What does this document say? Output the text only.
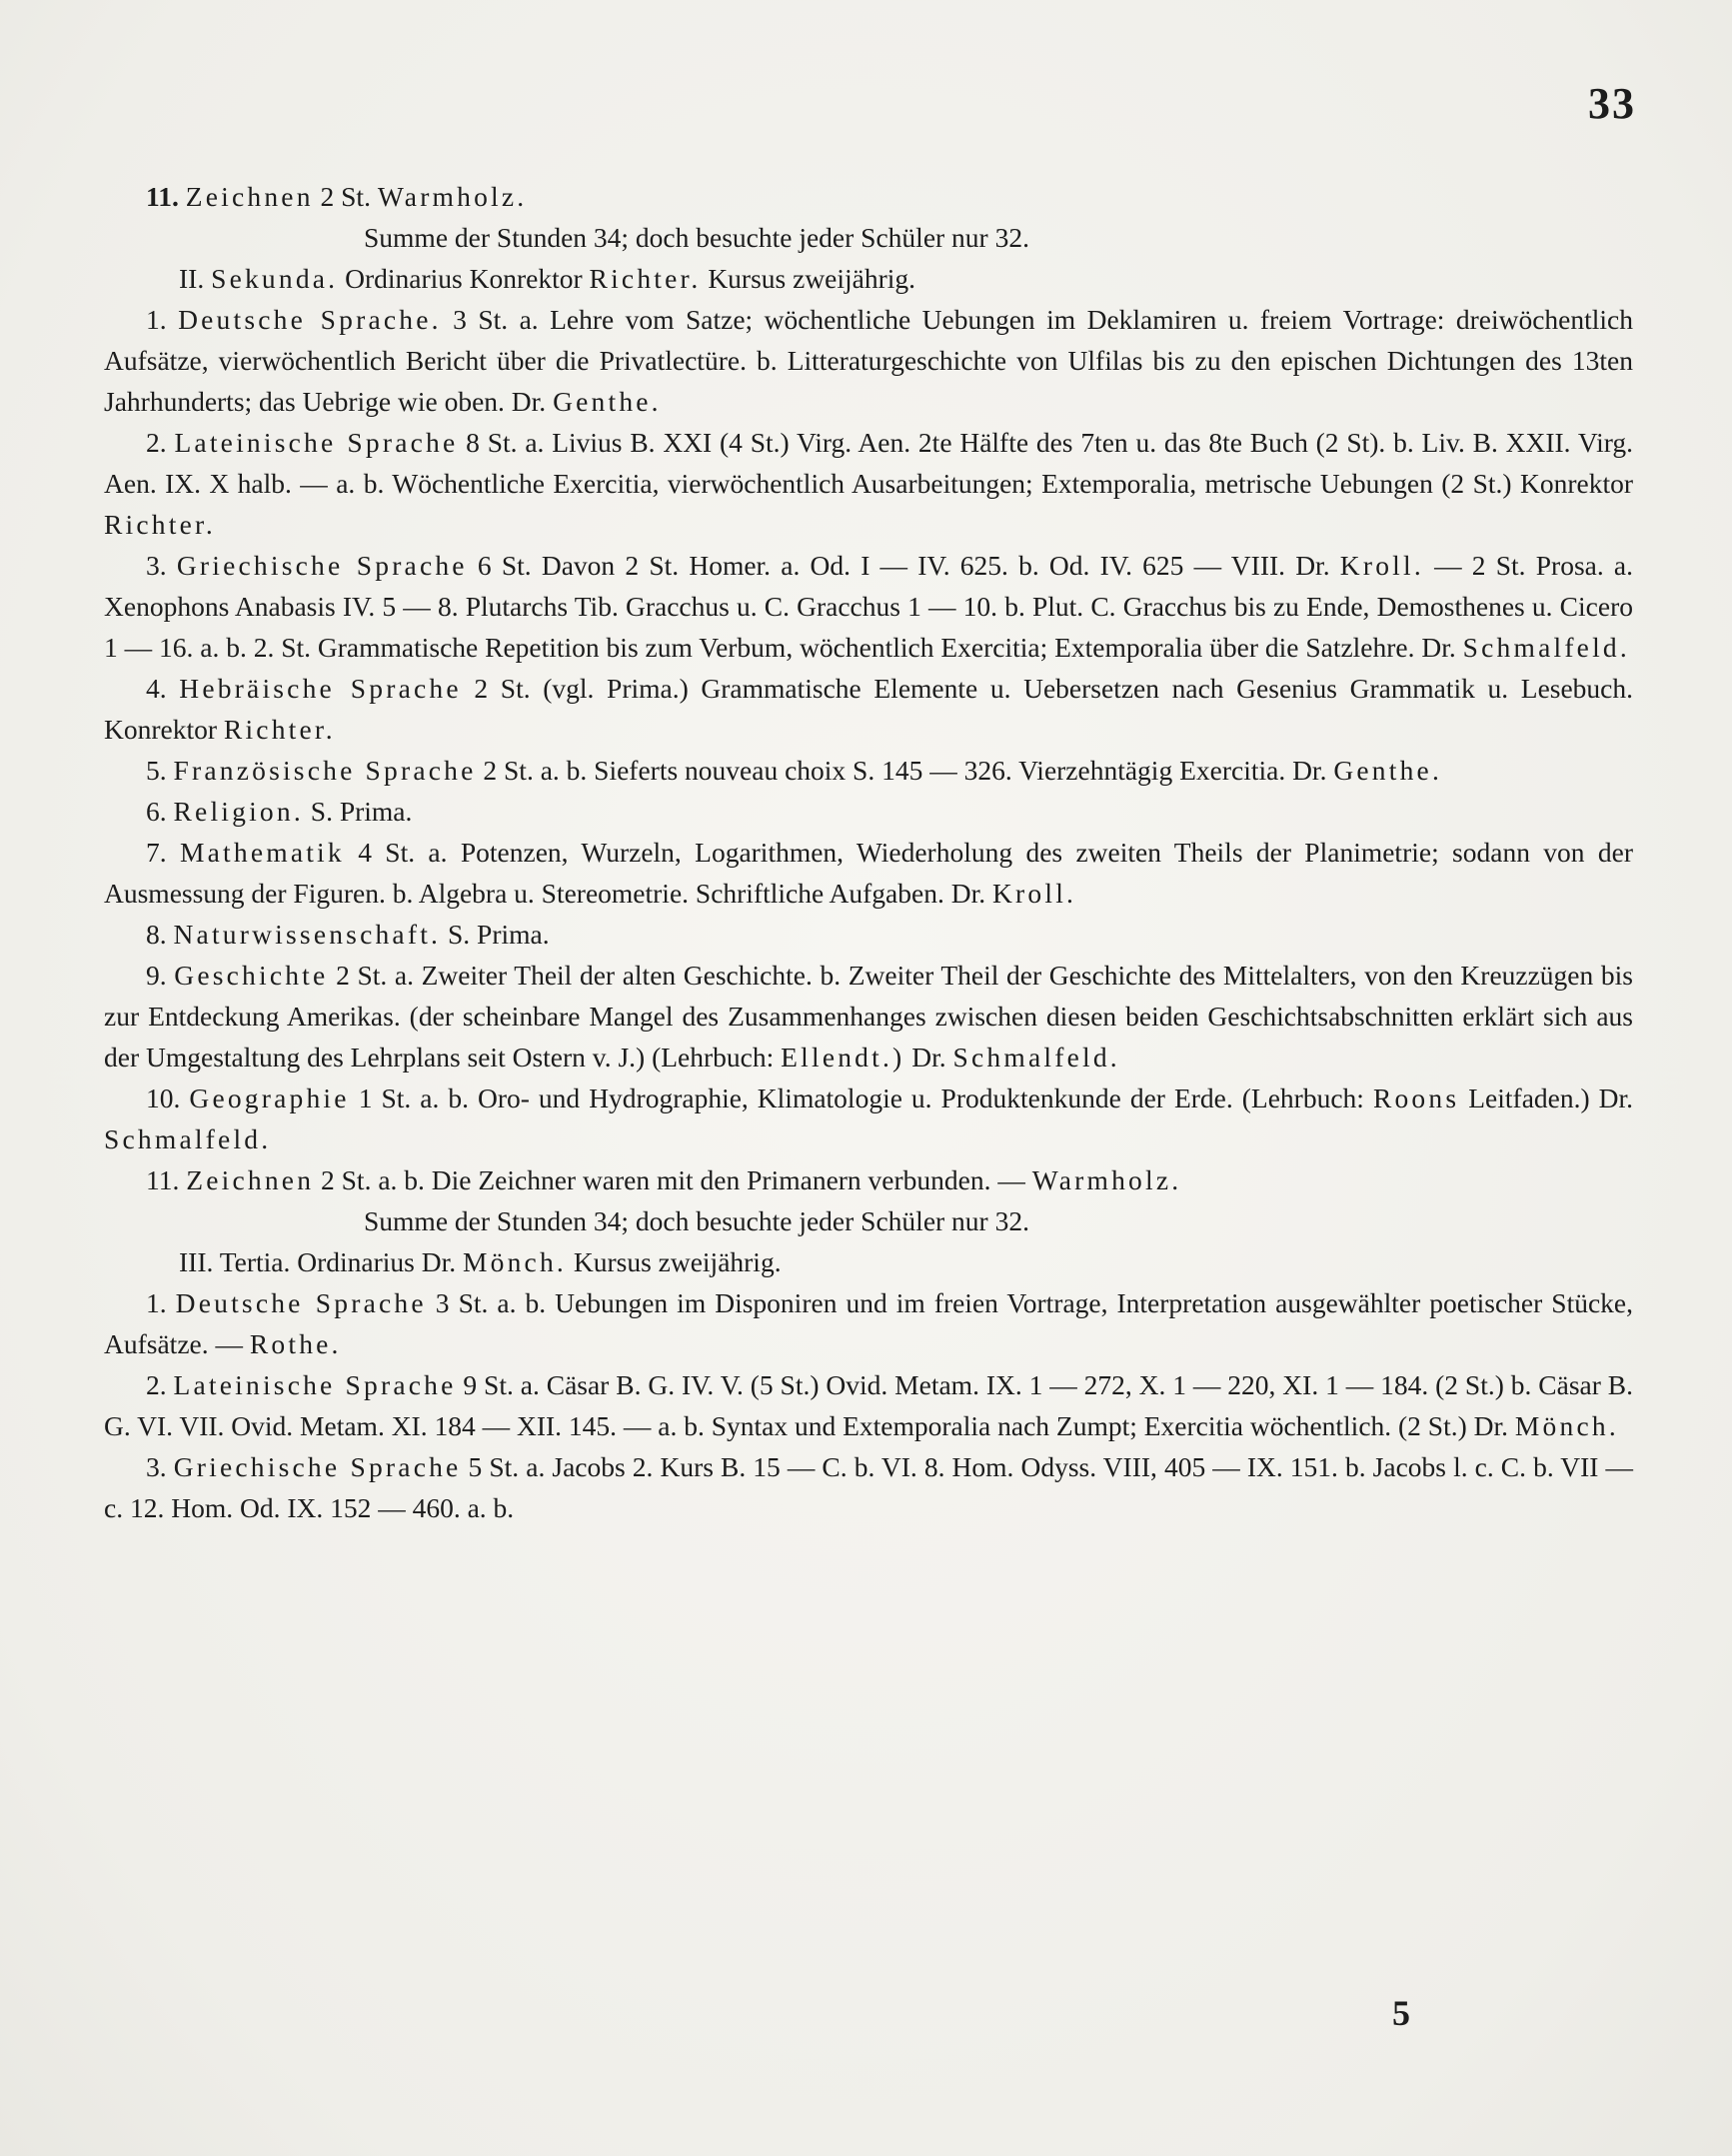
33

11. Zeichnen 2 St. Warmholz.

Summe der Stunden 34; doch besuchte jeder Schüler nur 32.

II. Sekunda. Ordinarius Konrektor Richter. Kursus zweijährig.

1. Deutsche Sprache. 3 St. a. Lehre vom Satze; wöchentliche Uebungen im Deklamiren u. freiem Vortrage: dreiwöchentlich Aufsätze, vierwöchentlich Bericht über die Privatlectüre. b. Litteraturgeschichte von Ulfilas bis zu den epischen Dichtungen des 13ten Jahrhunderts; das Uebrige wie oben. Dr. Genthe.

2. Lateinische Sprache 8 St. a. Livius B. XXI (4 St.) Virg. Aen. 2te Hälfte des 7ten u. das 8te Buch (2 St). b. Liv. B. XXII. Virg. Aen. IX. X halb. — a. b. Wöchentliche Exercitia, vierwöchentlich Ausarbeitungen; Extemporalia, metrische Uebungen (2 St.) Konrektor Richter.

3. Griechische Sprache 6 St. Davon 2 St. Homer. a. Od. I — IV. 625. b. Od. IV. 625 — VIII. Dr. Kroll. — 2 St. Prosa. a. Xenophons Anabasis IV. 5 — 8. Plutarchs Tib. Gracchus u. C. Gracchus 1 — 10. b. Plut. C. Gracchus bis zu Ende, Demosthenes u. Cicero 1 — 16. a. b. 2. St. Grammatische Repetition bis zum Verbum, wöchentlich Exercitia; Extemporalia über die Satzlehre. Dr. Schmalfeld.

4. Hebräische Sprache 2 St. (vgl. Prima.) Grammatische Elemente u. Uebersetzen nach Gesenius Grammatik u. Lesebuch. Konrektor Richter.

5. Französische Sprache 2 St. a. b. Sieferts nouveau choix S. 145 — 326. Vierzehntägig Exercitia. Dr. Genthe.

6. Religion. S. Prima.

7. Mathematik 4 St. a. Potenzen, Wurzeln, Logarithmen, Wiederholung des zweiten Theils der Planimetrie; sodann von der Ausmessung der Figuren. b. Algebra u. Stereometrie. Schriftliche Aufgaben. Dr. Kroll.

8. Naturwissenschaft. S. Prima.

9. Geschichte 2 St. a. Zweiter Theil der alten Geschichte. b. Zweiter Theil der Geschichte des Mittelalters, von den Kreuzzügen bis zur Entdeckung Amerikas. (der scheinbare Mangel des Zusammenhanges zwischen diesen beiden Geschichtsabschnitten erklärt sich aus der Umgestaltung des Lehrplans seit Ostern v. J.) (Lehrbuch: Ellendt.) Dr. Schmalfeld.

10. Geographie 1 St. a. b. Oro- und Hydrographie, Klimatologie u. Produktenkunde der Erde. (Lehrbuch: Roons Leitfaden.) Dr. Schmalfeld.

11. Zeichnen 2 St. a. b. Die Zeichner waren mit den Primanern verbunden. — Warmholz.

Summe der Stunden 34; doch besuchte jeder Schüler nur 32.

III. Tertia. Ordinarius Dr. Mönch. Kursus zweijährig.

1. Deutsche Sprache 3 St. a. b. Uebungen im Disponiren und im freien Vortrage, Interpretation ausgewählter poetischer Stücke, Aufsätze. — Rothe.

2. Lateinische Sprache 9 St. a. Cäsar B. G. IV. V. (5 St.) Ovid. Metam. IX. 1 — 272, X. 1 — 220, XI. 1 — 184. (2 St.) b. Cäsar B. G. VI. VII. Ovid. Metam. XI. 184 — XII. 145. — a. b. Syntax und Extemporalia nach Zumpt; Exercitia wöchentlich. (2 St.) Dr. Mönch.

3. Griechische Sprache 5 St. a. Jacobs 2. Kurs B. 15 — C. b. VI. 8. Hom. Odyss. VIII, 405 — IX. 151. b. Jacobs l. c. C. b. VII — c. 12. Hom. Od. IX. 152 — 460. a. b.

5
